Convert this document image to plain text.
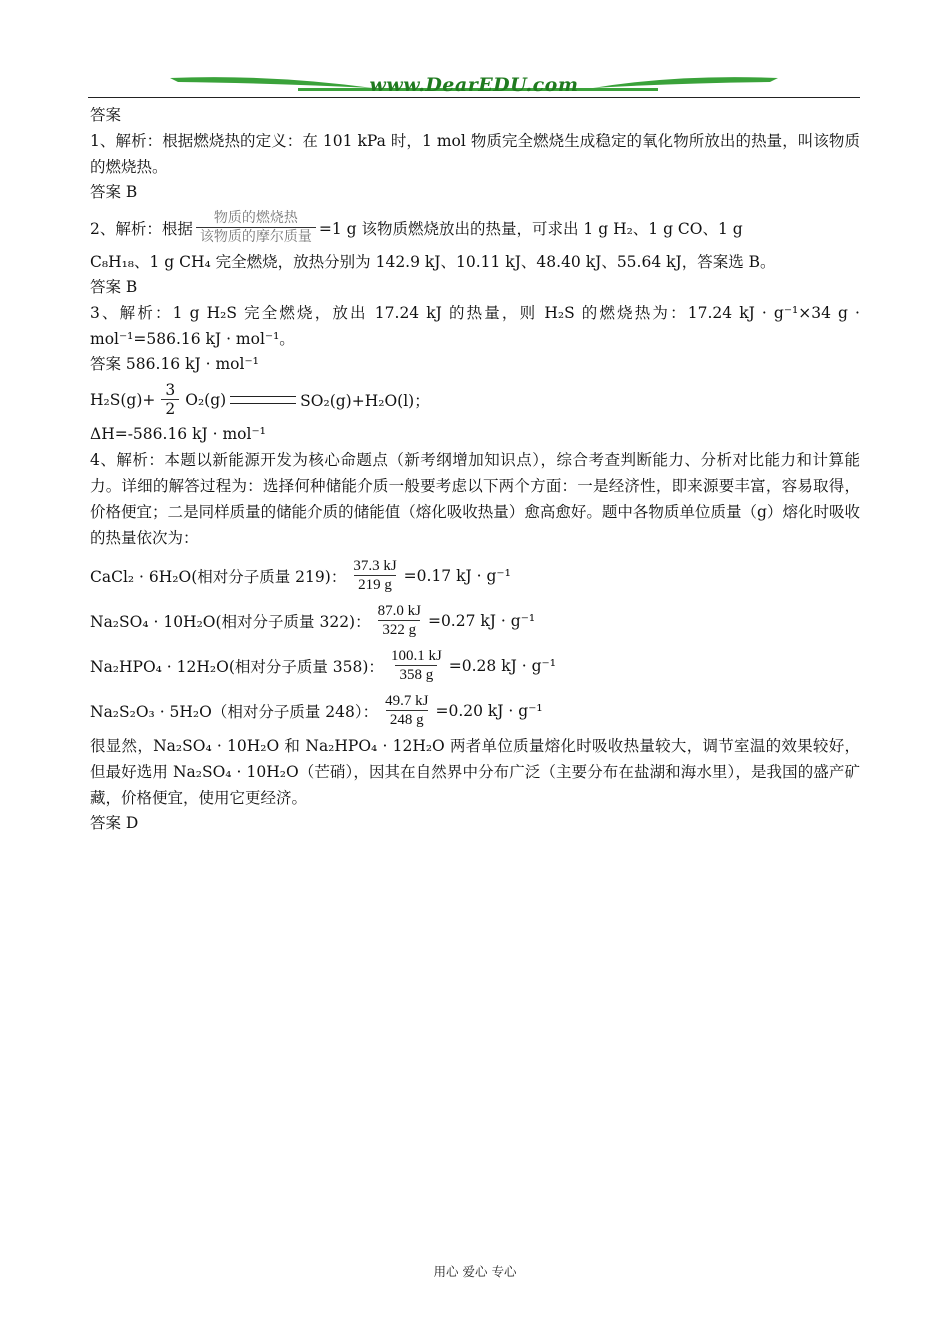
www.DearEDU.com
答案
1、解析：根据燃烧热的定义：在 101 kPa 时，1 mol 物质完全燃烧生成稳定的氧化物所放出的热量，叫该物质的燃烧热。
答案 B
2、解析：根据 $\frac{\text{物质的燃烧热}}{\text{该物质的摩尔质量}} =1$ g 该物质燃烧放出的热量，可求出 1 g H₂、1 g CO、1 g
C₈H₁₈、1 g CH₄ 完全燃烧，放热分别为 142.9 kJ、10.11 kJ、48.40 kJ、55.64 kJ，答案选 B。
答案 B
3、解析：1 g H₂S 完全燃烧，放出 17.24 kJ 的热量，则 H₂S 的燃烧热为：17.24 kJ · g⁻¹×34 g · mol⁻¹=586.16 kJ · mol⁻¹。
答案 586.16 kJ · mol⁻¹
$H_2S(g)+ \frac{3}{2} O_2(g)$	SO₂(g)+H₂O(l)；
ΔH=-586.16 kJ · mol⁻¹
4、解析：本题以新能源开发为核心命题点（新考纲增加知识点），综合考查判断能力、分析对比能力和计算能力。详细的解答过程为：选择何种储能介质一般要考虑以下两个方面：一是经济性，即来源要丰富，容易取得，价格便宜；二是同样质量的储能介质的储能值（熔化吸收热量）愈高愈好。题中各物质单位质量（g）熔化时吸收的热量依次为：
CaCl₂ · 6H₂O(相对分子质量 219)： $\frac{37.3 kJ}{219 g} =0.17$ kJ · g⁻¹
Na₂SO₄ · 10H₂O(相对分子质量 322)： $\frac{87.0 kJ}{322 g} =0.27$ kJ · g⁻¹
Na₂HPO₄ · 12H₂O(相对分子质量 358)： $\frac{100.1 kJ}{358 g} =0.28$ kJ · g⁻¹
Na₂S₂O₃ · 5H₂O（相对分子质量 248）： $\frac{49.7 kJ}{248 g} =0.20$ kJ · g⁻¹
很显然，Na₂SO₄ · 10H₂O 和 Na₂HPO₄ · 12H₂O 两者单位质量熔化时吸收热量较大，调节室温的效果较好，但最好选用 Na₂SO₄ · 10H₂O（芒硝），因其在自然界中分布广泛（主要分布在盐湖和海水里），是我国的盛产矿藏，价格便宜，使用它更经济。
答案 D
用心 爱心 专心
